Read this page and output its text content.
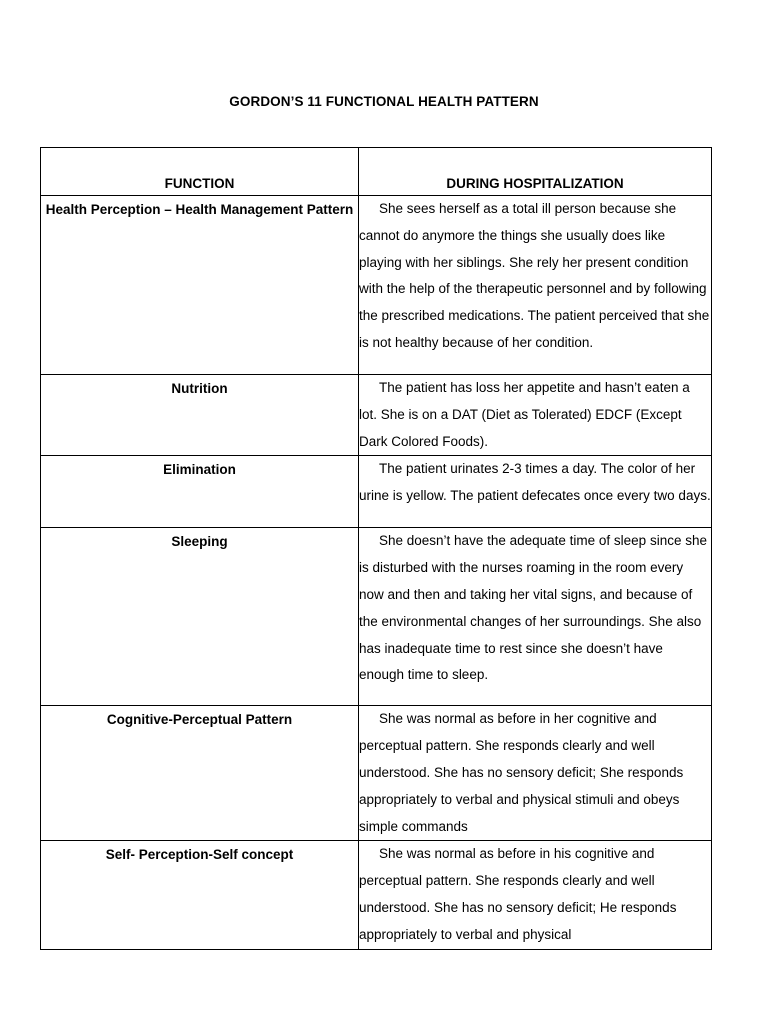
GORDON’S 11 FUNCTIONAL HEALTH PATTERN
FUNCTION	DURING HOSPITALIZATION
Health Perception – Health Management Pattern	She sees herself as a total ill person because she cannot do anymore the things she usually does like playing with her siblings. She rely her present condition with the help of the therapeutic personnel and by following the prescribed medications. The patient perceived that she is not healthy because of her condition.
Nutrition	The patient has loss her appetite and hasn’t eaten a lot. She is on a DAT (Diet as Tolerated) EDCF (Except Dark Colored Foods).
Elimination	The patient urinates 2-3 times a day. The color of her urine is yellow. The patient defecates once every two days.
Sleeping	She doesn’t have the adequate time of sleep since she is disturbed with the nurses roaming in the room every now and then and taking her vital signs, and because of the environmental changes of her surroundings. She also has inadequate time to rest since she doesn’t have enough time to sleep.
Cognitive-Perceptual Pattern	She was normal as before in her cognitive and perceptual pattern. She responds clearly and well understood. She has no sensory deficit; She responds appropriately to verbal and physical stimuli and obeys simple commands
Self- Perception-Self concept	She was normal as before in his cognitive and perceptual pattern. She responds clearly and well understood. She has no sensory deficit; He responds appropriately to verbal and physical
